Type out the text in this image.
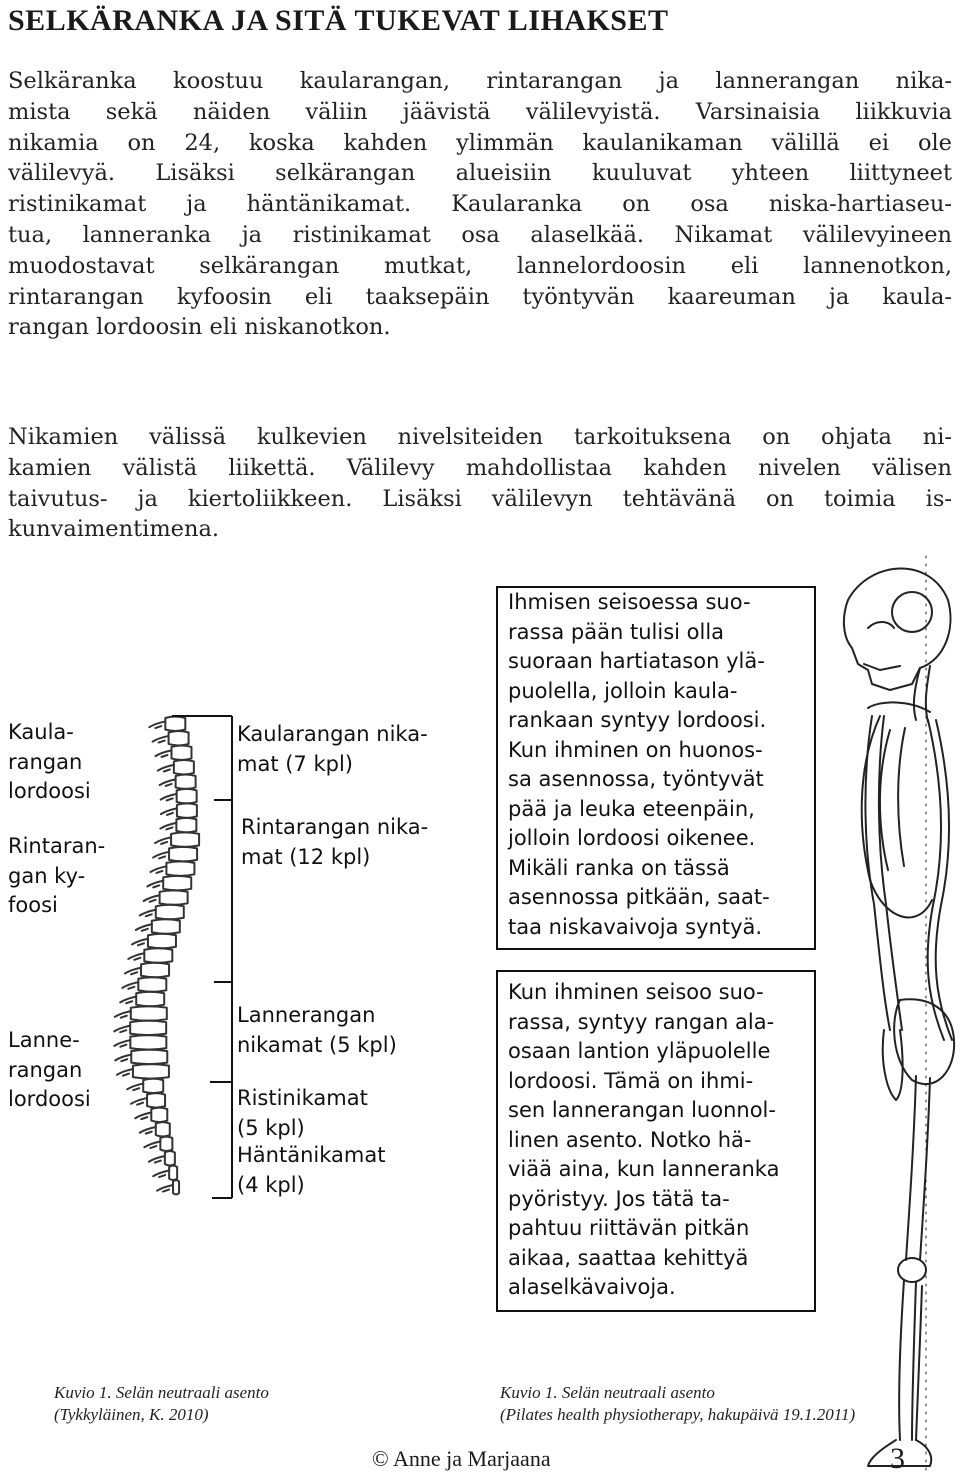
SELKÄRANKA JA SITÄ TUKEVAT LIHAKSET
Selkäranka koostuu kaularangan, rintarangan ja lannerangan nika-
mista sekä näiden väliin jäävistä välilevyistä. Varsinaisia liikkuvia
nikamia on 24, koska kahden ylimmän kaulanikaman välillä ei ole
välilevyä. Lisäksi selkärangan alueisiin kuuluvat yhteen liittyneet
ristinikamat ja häntänikamat. Kaularanka on osa niska-hartiaseu-
tua, lanneranka ja ristinikamat osa alaselkää. Nikamat välilevyineen
muodostavat selkärangan mutkat, lannelordoosin eli lannenotkon,
rintarangan kyfoosin eli taaksepäin työntyvän kaareuman ja kaula-
rangan lordoosin eli niskanotkon.
Nikamien välissä kulkevien nivelsiteiden tarkoituksena on ohjata ni-
kamien välistä liikettä. Välilevy mahdollistaa kahden nivelen välisen
taivutus- ja kiertoliikkeen. Lisäksi välilevyn tehtävänä on toimia is-
kunvaimentimena.
Kaula-
rangan
lordoosi
Rintaran-
gan ky-
foosi
Lanne-
rangan
lordoosi
Kaularangan nika-
mat (7 kpl)
Rintarangan nika-
mat (12 kpl)
Lannerangan
nikamat (5 kpl)
Ristinikamat
(5 kpl)
Häntänikamat
(4 kpl)
Ihmisen seisoessa suo-
rassa pään tulisi olla
suoraan hartiatason ylä-
puolella, jolloin kaula-
rankaan syntyy lordoosi.
Kun ihminen on huonos-
sa asennossa, työntyvät
pää ja leuka eteenpäin,
jolloin lordoosi oikenee.
Mikäli ranka on tässä
asennossa pitkään, saat-
taa niskavaivoja syntyä.
Kun ihminen seisoo suo-
rassa, syntyy rangan ala-
osaan lantion yläpuolelle
lordoosi. Tämä on ihmi-
sen lannerangan luonnol-
linen asento. Notko hä-
viää aina, kun lanneranka
pyöristyy. Jos tätä ta-
pahtuu riittävän pitkän
aikaa, saattaa kehittyä
alaselkävaivoja.
Kuvio 1. Selän neutraali asento
(Tykkyläinen, K. 2010)
Kuvio 1. Selän neutraali asento
(Pilates health physiotherapy, hakupäivä 19.1.2011)
© Anne ja Marjaana	3
